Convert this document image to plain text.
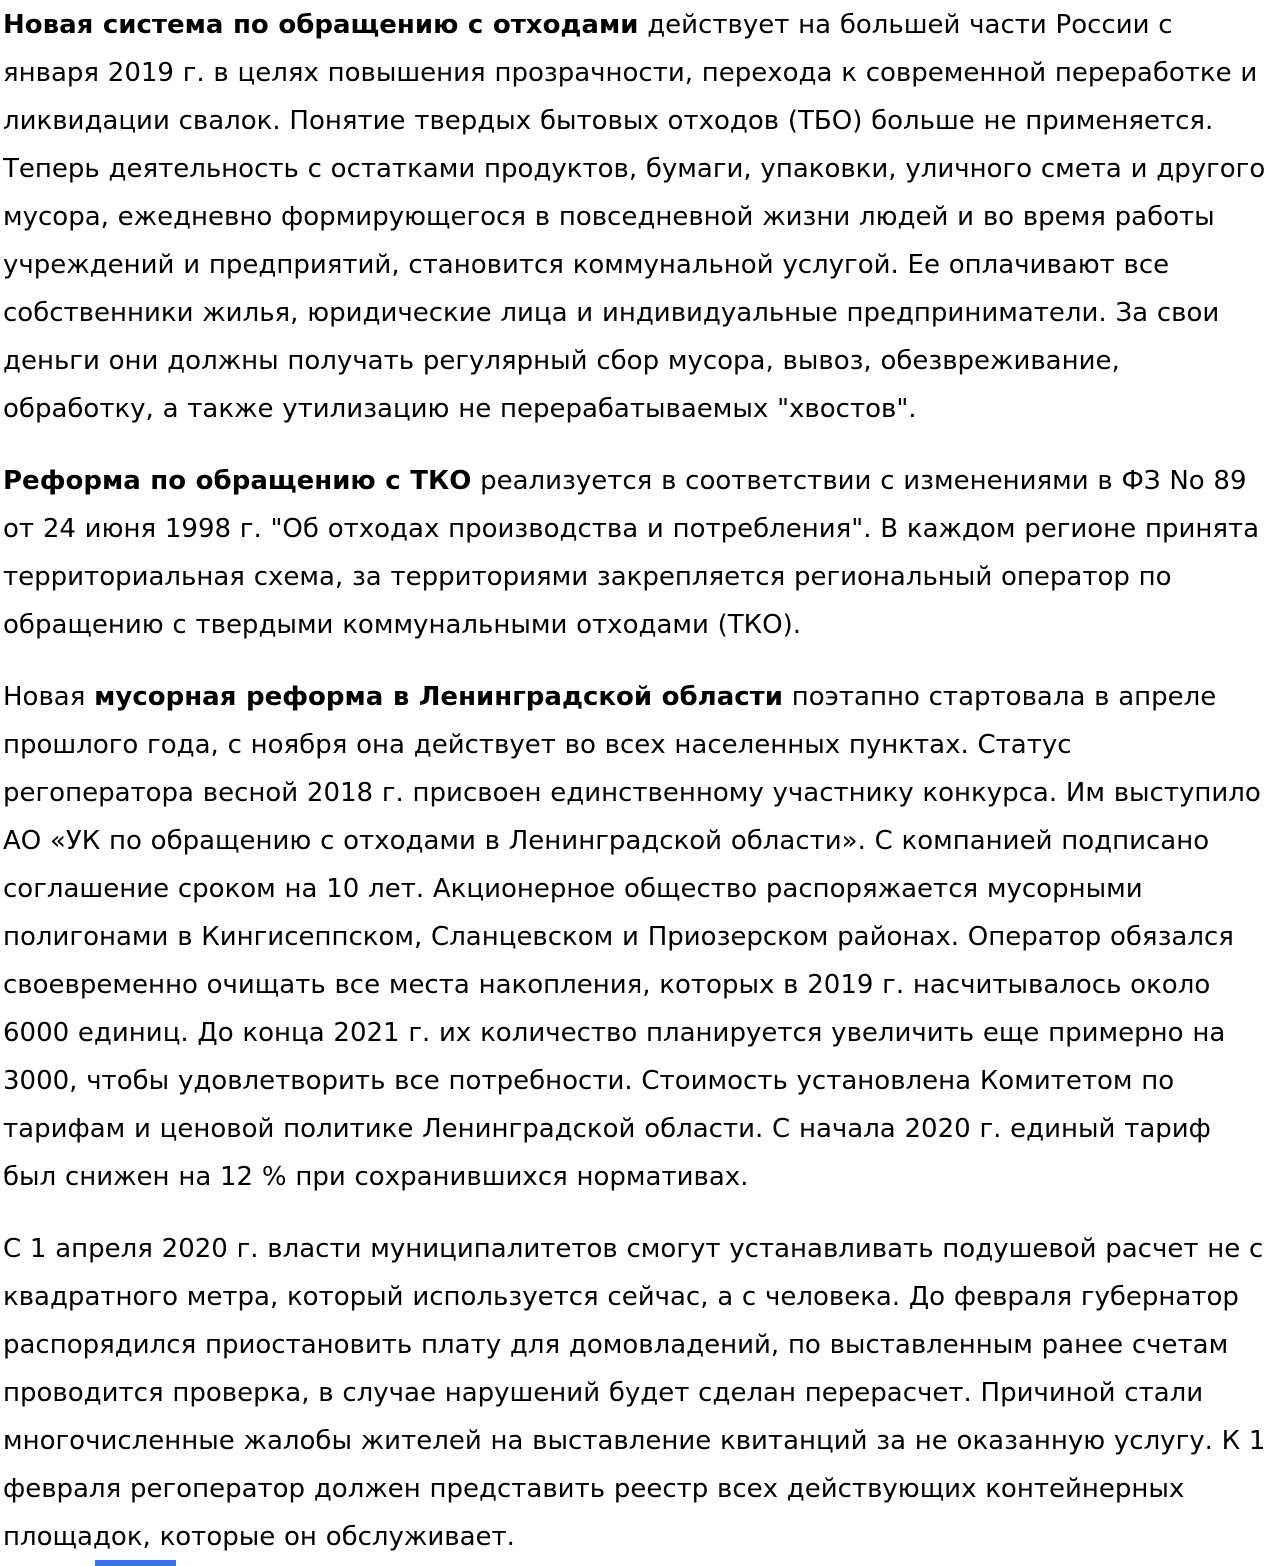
Новая система по обращению с отходами действует на большей части России с января 2019 г. в целях повышения прозрачности, перехода к современной переработке и ликвидации свалок. Понятие твердых бытовых отходов (ТБО) больше не применяется. Теперь деятельность с остатками продуктов, бумаги, упаковки, уличного смета и другого мусора, ежедневно формирующегося в повседневной жизни людей и во время работы учреждений и предприятий, становится коммунальной услугой. Ее оплачивают все собственники жилья, юридические лица и индивидуальные предприниматели. За свои деньги они должны получать регулярный сбор мусора, вывоз, обезвреживание, обработку, а также утилизацию не перерабатываемых "хвостов".

Реформа по обращению с ТКО реализуется в соответствии с изменениями в ФЗ No 89 от 24 июня 1998 г. "Об отходах производства и потребления". В каждом регионе принята территориальная схема, за территориями закрепляется региональный оператор по обращению с твердыми коммунальными отходами (ТКО).

Новая мусорная реформа в Ленинградской области поэтапно стартовала в апреле прошлого года, с ноября она действует во всех населенных пунктах. Статус регоператора весной 2018 г. присвоен единственному участнику конкурса. Им выступило АО «УК по обращению с отходами в Ленинградской области». С компанией подписано соглашение сроком на 10 лет. Акционерное общество распоряжается мусорными полигонами в Кингисеппском, Сланцевском и Приозерском районах. Оператор обязался своевременно очищать все места накопления, которых в 2019 г. насчитывалось около 6000 единиц. До конца 2021 г. их количество планируется увеличить еще примерно на 3000, чтобы удовлетворить все потребности. Стоимость установлена Комитетом по тарифам и ценовой политике Ленинградской области. С начала 2020 г. единый тариф был снижен на 12 % при сохранившихся нормативах.

С 1 апреля 2020 г. власти муниципалитетов смогут устанавливать подушевой расчет не с квадратного метра, который используется сейчас, а с человека. До февраля губернатор распорядился приостановить плату для домовладений, по выставленным ранее счетам проводится проверка, в случае нарушений будет сделан перерасчет. Причиной стали многочисленные жалобы жителей на выставление квитанций за не оказанную услугу. К 1 февраля регоператор должен представить реестр всех действующих контейнерных площадок, которые он обслуживает.
